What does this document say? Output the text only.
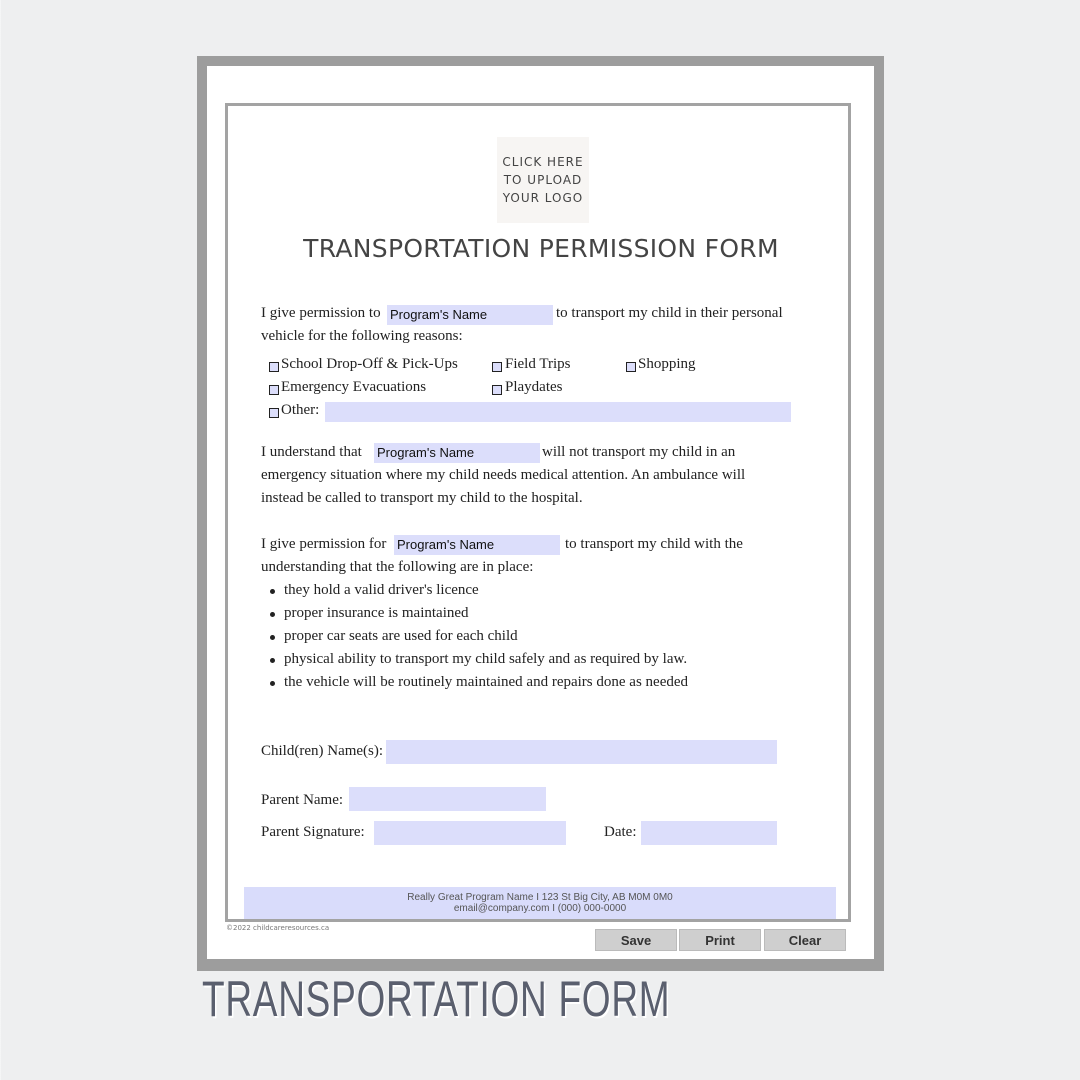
CLICK HERE
TO UPLOAD
YOUR LOGO
TRANSPORTATION PERMISSION FORM
I give permission to Program's Name	to transport my child in their personal
vehicle for the following reasons:
School Drop-Off & Pick-Ups	Field Trips	Shopping
Emergency Evacuations	Playdates
Other:
I understand that Program's Name	will not transport my child in an
emergency situation where my child needs medical attention. An ambulance will
instead be called to transport my child to the hospital.
I give permission for Program's Name	to transport my child with the
understanding that the following are in place:
they hold a valid driver's licence
proper insurance is maintained
proper car seats are used for each child
physical ability to transport my child safely and as required by law.
the vehicle will be routinely maintained and repairs done as needed
Child(ren) Name(s):
Parent Name:
Parent Signature:	Date:
Really Great Program Name I 123 St Big City, AB M0M 0M0
email@company.com I (000) 000-0000
©2022 childcareresources.ca
Save	Print	Clear
TRANSPORTATION FORM
